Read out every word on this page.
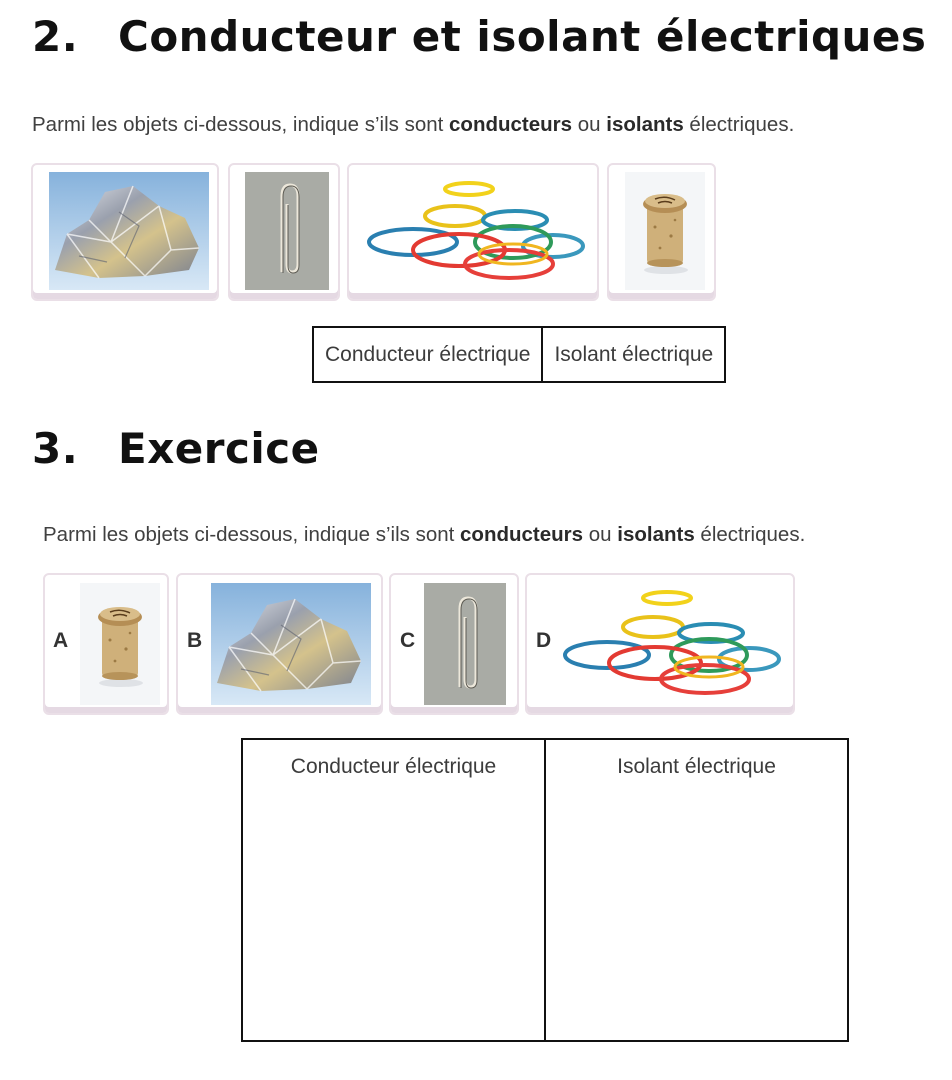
2. Conducteur et isolant électriques

Parmi les objets ci-dessous, indique s’ils sont conducteurs ou isolants électriques.

Conducteur électrique	Isolant électrique
3. Exercice

Parmi les objets ci-dessous, indique s’ils sont conducteurs ou isolants électriques.

A	B	C	D
Conducteur électrique	Isolant électrique
